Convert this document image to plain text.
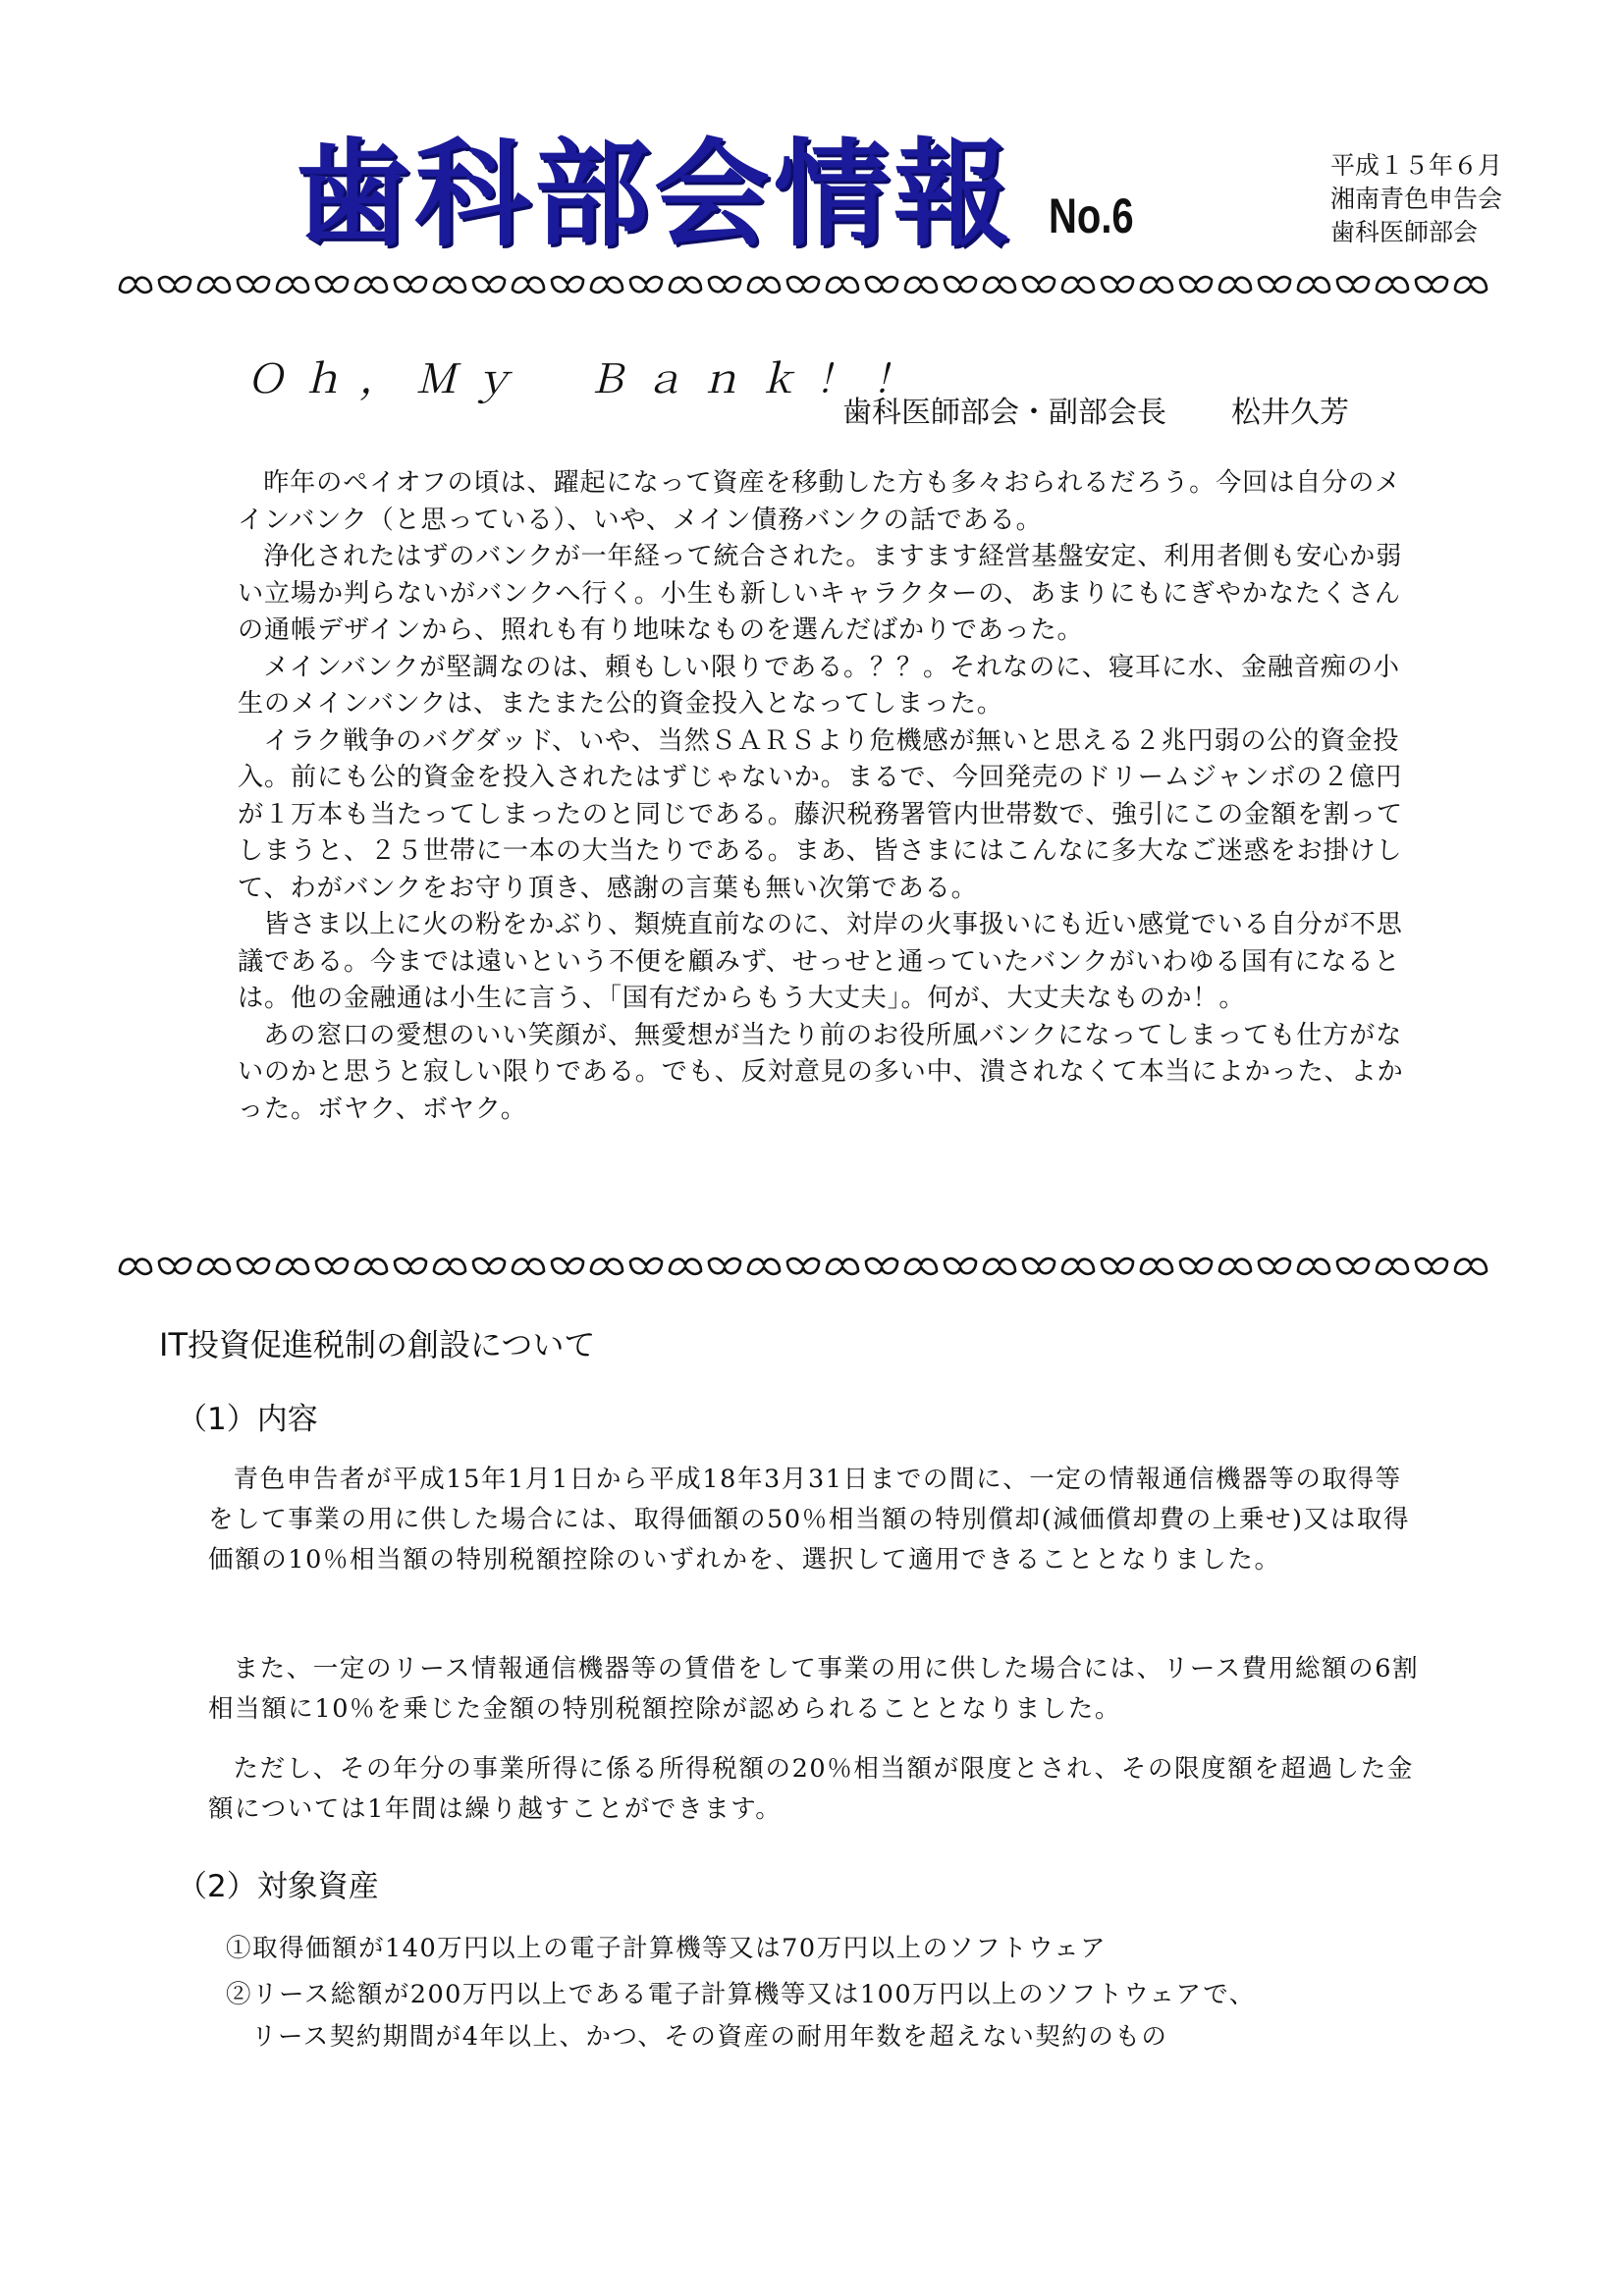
歯科部会情報 No.6
平成１５年６月
湘南青色申告会
歯科医師部会
Ｏｈ，Ｍｙ　Ｂａｎｋ！！
歯科医師部会・副部会長 松井久芳

昨年のペイオフの頃は、躍起になって資産を移動した方も多々おられるだろう。今回は自分のメインバンク（と思っている）、いや、メイン債務バンクの話である。

浄化されたはずのバンクが一年経って統合された。ますます経営基盤安定、利用者側も安心か弱い立場か判らないがバンクへ行く。小生も新しいキャラクターの、あまりにもにぎやかなたくさんの通帳デザインから、照れも有り地味なものを選んだばかりであった。

メインバンクが堅調なのは、頼もしい限りである。？？。それなのに、寝耳に水、金融音痴の小生のメインバンクは、またまた公的資金投入となってしまった。

イラク戦争のバグダッド、いや、当然ＳＡＲＳより危機感が無いと思える２兆円弱の公的資金投入。前にも公的資金を投入されたはずじゃないか。まるで、今回発売のドリームジャンボの２億円が１万本も当たってしまったのと同じである。藤沢税務署管内世帯数で、強引にこの金額を割ってしまうと、２５世帯に一本の大当たりである。まあ、皆さまにはこんなに多大なご迷惑をお掛けして、わがバンクをお守り頂き、感謝の言葉も無い次第である。

皆さま以上に火の粉をかぶり、類焼直前なのに、対岸の火事扱いにも近い感覚でいる自分が不思議である。今までは遠いという不便を顧みず、せっせと通っていたバンクがいわゆる国有になるとは。他の金融通は小生に言う、「国有だからもう大丈夫」。何が、大丈夫なものか！。

あの窓口の愛想のいい笑顔が、無愛想が当たり前のお役所風バンクになってしまっても仕方がないのかと思うと寂しい限りである。でも、反対意見の多い中、潰されなくて本当によかった、よかった。ボヤク、ボヤク。

IT投資促進税制の創設について
（1）内容

青色申告者が平成15年1月1日から平成18年3月31日までの間に、一定の情報通信機器等の取得等をして事業の用に供した場合には、取得価額の50％相当額の特別償却(減価償却費の上乗せ)又は取得価額の10％相当額の特別税額控除のいずれかを、選択して適用できることとなりました。

また、一定のリース情報通信機器等の賃借をして事業の用に供した場合には、リース費用総額の6割相当額に10％を乗じた金額の特別税額控除が認められることとなりました。

ただし、その年分の事業所得に係る所得税額の20％相当額が限度とされ、その限度額を超過した金額については1年間は繰り越すことができます。

（2）対象資産
①取得価額が140万円以上の電子計算機等又は70万円以上のソフトウェア
②リース総額が200万円以上である電子計算機等又は100万円以上のソフトウェアで、
リース契約期間が4年以上、かつ、その資産の耐用年数を超えない契約のもの
